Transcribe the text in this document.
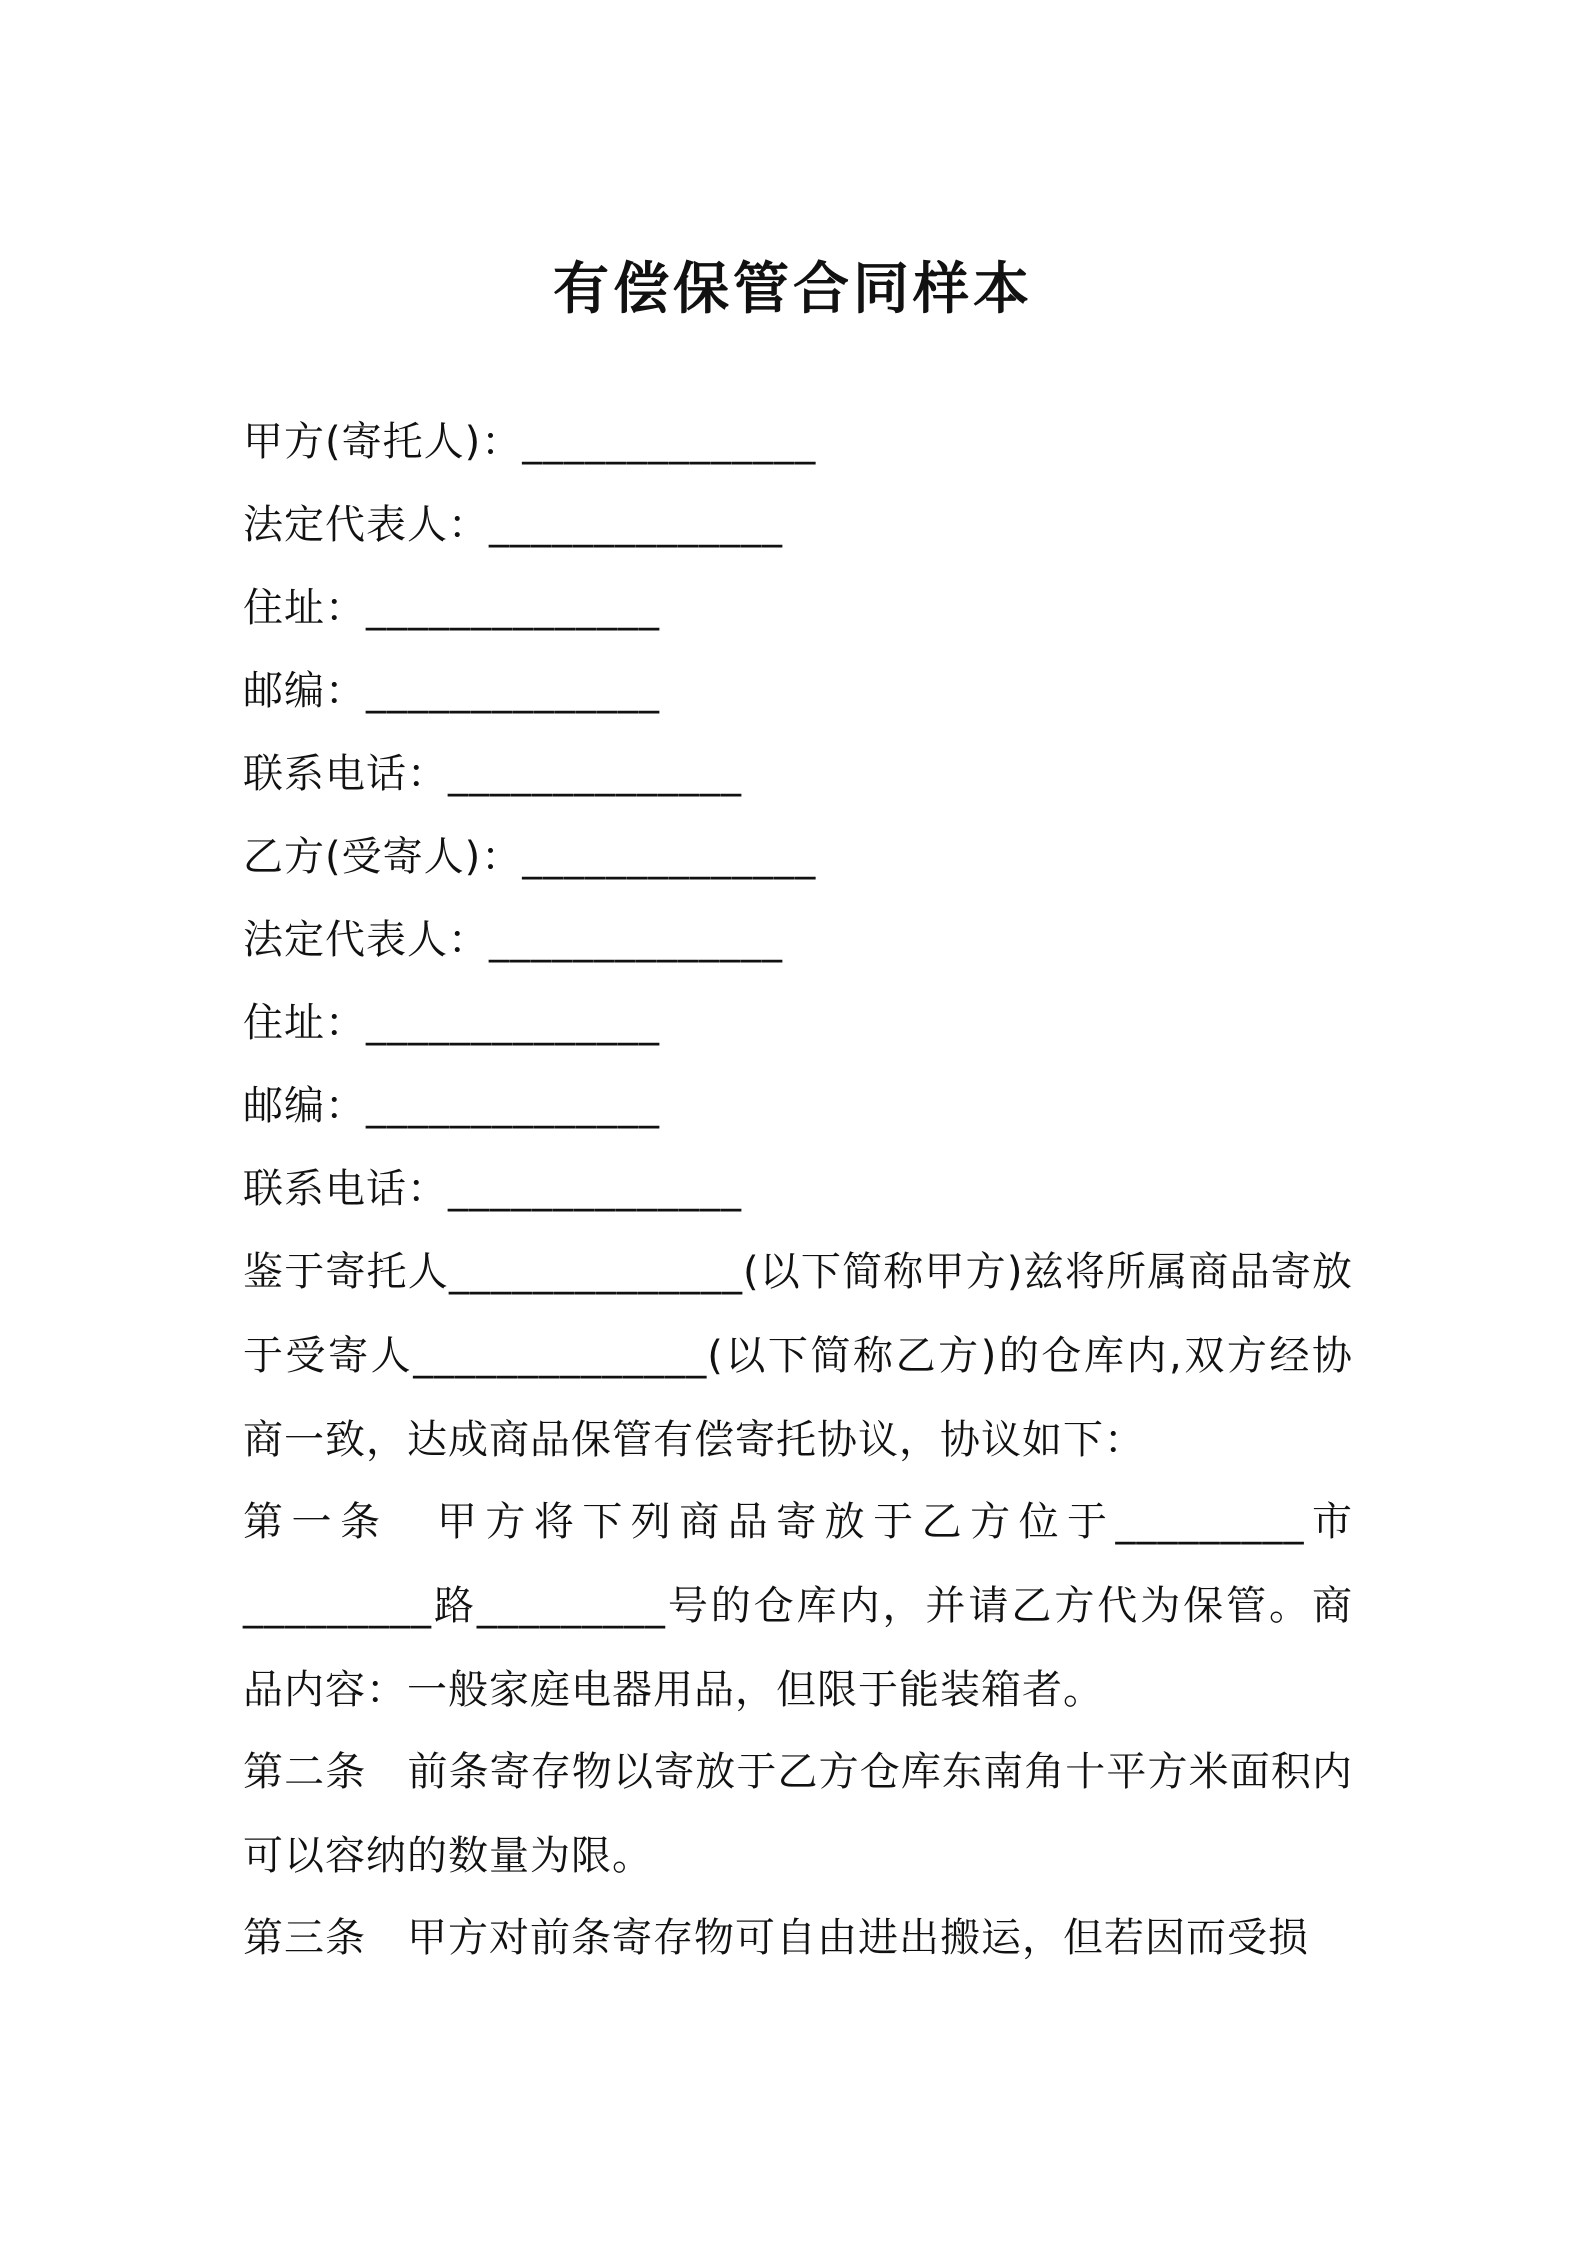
有偿保管合同样本
甲方(寄托人)：______________
法定代表人：______________
住址：______________
邮编：______________
联系电话：______________
乙方(受寄人)：______________
法定代表人：______________
住址：______________
邮编：______________
联系电话：______________
鉴于寄托人______________(以下简称甲方)兹将所属商品寄放于受寄人______________(以下简称乙方)的仓库内,双方经协商一致，达成商品保管有偿寄托协议，协议如下：
第一条　甲方将下列商品寄放于乙方位于_________市_________路_________号的仓库内，并请乙方代为保管。商品内容：一般家庭电器用品，但限于能装箱者。
第二条　前条寄存物以寄放于乙方仓库东南角十平方米面积内可以容纳的数量为限。
第三条　甲方对前条寄存物可自由进出搬运，但若因而受损
